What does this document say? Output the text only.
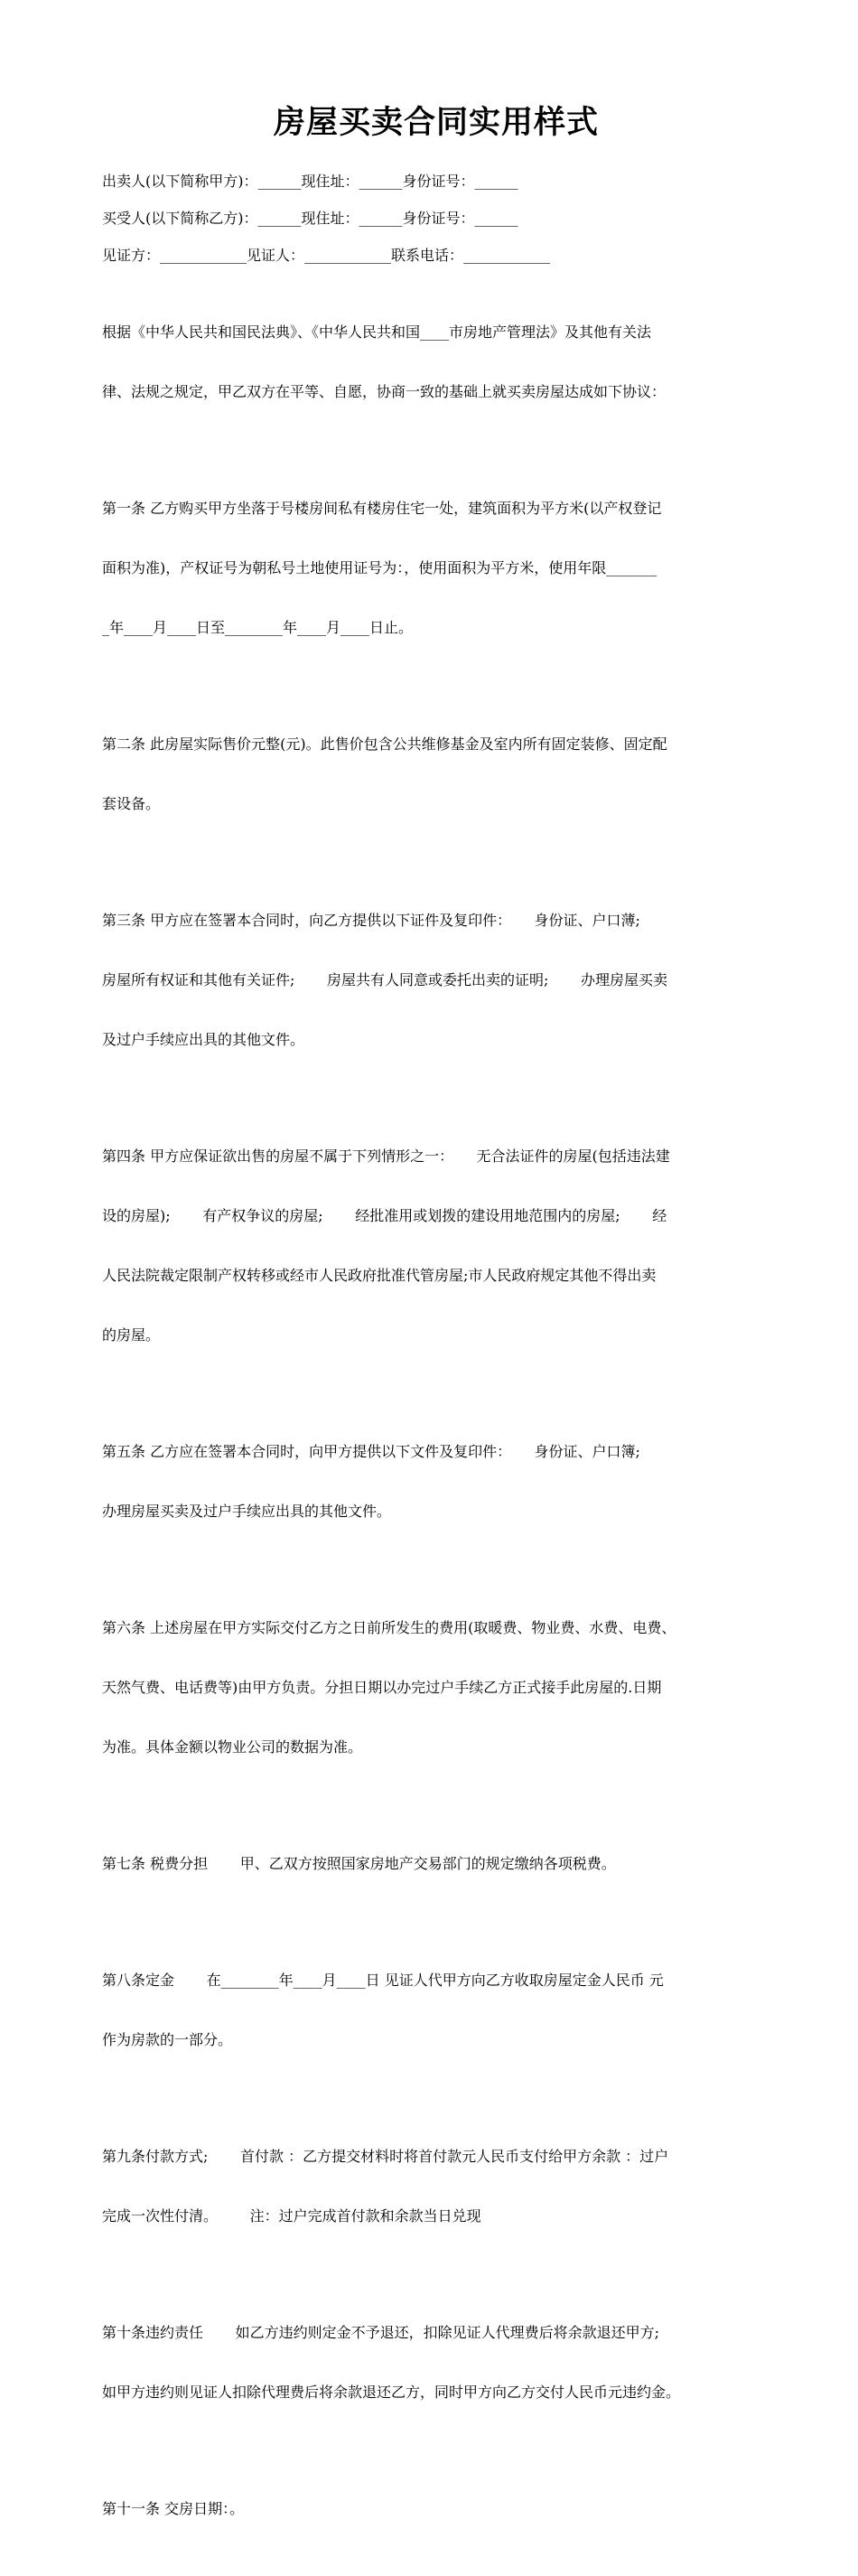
房屋买卖合同实用样式
出卖人(以下简称甲方)：______现住址：______身份证号：______
买受人(以下简称乙方)：______现住址：______身份证号：______
见证方：____________见证人：____________联系电话：____________

根据《中华人民共和国民法典》、《中华人民共和国____市房地产管理法》及其他有关法

律、法规之规定，甲乙双方在平等、自愿，协商一致的基础上就买卖房屋达成如下协议：

第一条 乙方购买甲方坐落于号楼房间私有楼房住宅一处，建筑面积为平方米(以产权登记

面积为准)，产权证号为朝私号土地使用证号为：，使用面积为平方米，使用年限_______

_年____月____日至________年____月____日止。

第二条 此房屋实际售价元整(元)。此售价包含公共维修基金及室内所有固定装修、固定配

套设备。

第三条 甲方应在签署本合同时，向乙方提供以下证件及复印件：     身份证、户口薄;

房屋所有权证和其他有关证件;       房屋共有人同意或委托出卖的证明;       办理房屋买卖

及过户手续应出具的其他文件。

第四条 甲方应保证欲出售的房屋不属于下列情形之一：     无合法证件的房屋(包括违法建

设的房屋);       有产权争议的房屋;       经批准用或划拨的建设用地范围内的房屋;       经

人民法院裁定限制产权转移或经市人民政府批准代管房屋;市人民政府规定其他不得出卖

的房屋。

第五条 乙方应在签署本合同时，向甲方提供以下文件及复印件：     身份证、户口簿;

办理房屋买卖及过户手续应出具的其他文件。

第六条 上述房屋在甲方实际交付乙方之日前所发生的费用(取暖费、物业费、水费、电费、

天然气费、电话费等)由甲方负责。分担日期以办完过户手续乙方正式接手此房屋的.日期

为准。具体金额以物业公司的数据为准。

第七条 税费分担       甲、乙双方按照国家房地产交易部门的规定缴纳各项税费。

第八条定金       在________年____月____日 见证人代甲方向乙方收取房屋定金人民币 元

作为房款的一部分。

第九条付款方式;       首付款 ：乙方提交材料时将首付款元人民币支付给甲方余款 ：过户

完成一次性付清。       注：过户完成首付款和余款当日兑现

第十条违约责任       如乙方违约则定金不予退还，扣除见证人代理费后将余款退还甲方;

如甲方违约则见证人扣除代理费后将余款退还乙方，同时甲方向乙方交付人民币元违约金。

第十一条 交房日期：。
